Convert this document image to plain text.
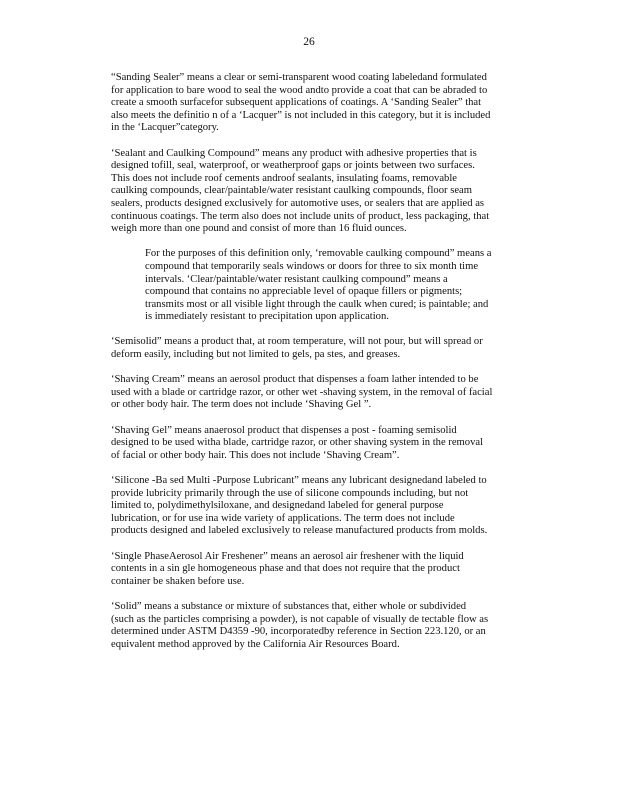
26
“Sanding Sealer” means a clear or semi-transparent wood coating labeledand formulated
for application to bare wood to seal the wood andto provide a coat that can be abraded to
create a smooth surfacefor subsequent applications of coatings. A ‘Sanding Sealer” that
also meets the definitio n of a ‘Lacquer” is not included in this category, but it is included
in the ‘Lacquer”category.
‘Sealant and Caulking Compound” means any product with adhesive properties that is
designed tofill, seal, waterproof, or weatherproof gaps or joints between two surfaces.
This does not include roof cements androof sealants, insulating foams, removable
caulking compounds, clear/paintable/water resistant caulking compounds, floor seam
sealers, products designed exclusively for automotive uses, or sealers that are applied as
continuous coatings. The term also does not include units of product, less packaging, that
weigh more than one pound and consist of more than 16 fluid ounces.
For the purposes of this definition only, ‘removable caulking compound” means a
compound that temporarily seals windows or doors for three to six month time
intervals. ‘Clear/paintable/water resistant caulking compound” means a
compound that contains no appreciable level of opaque fillers or pigments;
transmits most or all visible light through the caulk when cured; is paintable; and
is immediately resistant to precipitation upon application.
‘Semisolid” means a product that, at room temperature, will not pour, but will spread or
deform easily, including but not limited to gels, pa stes, and greases.
‘Shaving Cream” means an aerosol product that dispenses a foam lather intended to be
used with a blade or cartridge razor, or other wet -shaving system, in the removal of facial
or other body hair. The term does not include ‘Shaving Gel ”.
‘Shaving Gel” means anaerosol product that dispenses a post - foaming semisolid
designed to be used witha blade, cartridge razor, or other shaving system in the removal
of facial or other body hair. This does not include ‘Shaving Cream”.
‘Silicone -Ba sed Multi -Purpose Lubricant” means any lubricant designedand labeled to
provide lubricity primarily through the use of silicone compounds including, but not
limited to, polydimethylsiloxane, and designedand labeled for general purpose
lubrication, or for use ina wide variety of applications. The term does not include
products designed and labeled exclusively to release manufactured products from molds.
‘Single PhaseAerosol Air Freshener” means an aerosol air freshener with the liquid
contents in a sin gle homogeneous phase and that does not require that the product
container be shaken before use.
‘Solid” means a substance or mixture of substances that, either whole or subdivided
(such as the particles comprising a powder), is not capable of visually de tectable flow as
determined under ASTM D4359 -90, incorporatedby reference in Section 223.120, or an
equivalent method approved by the California Air Resources Board.
